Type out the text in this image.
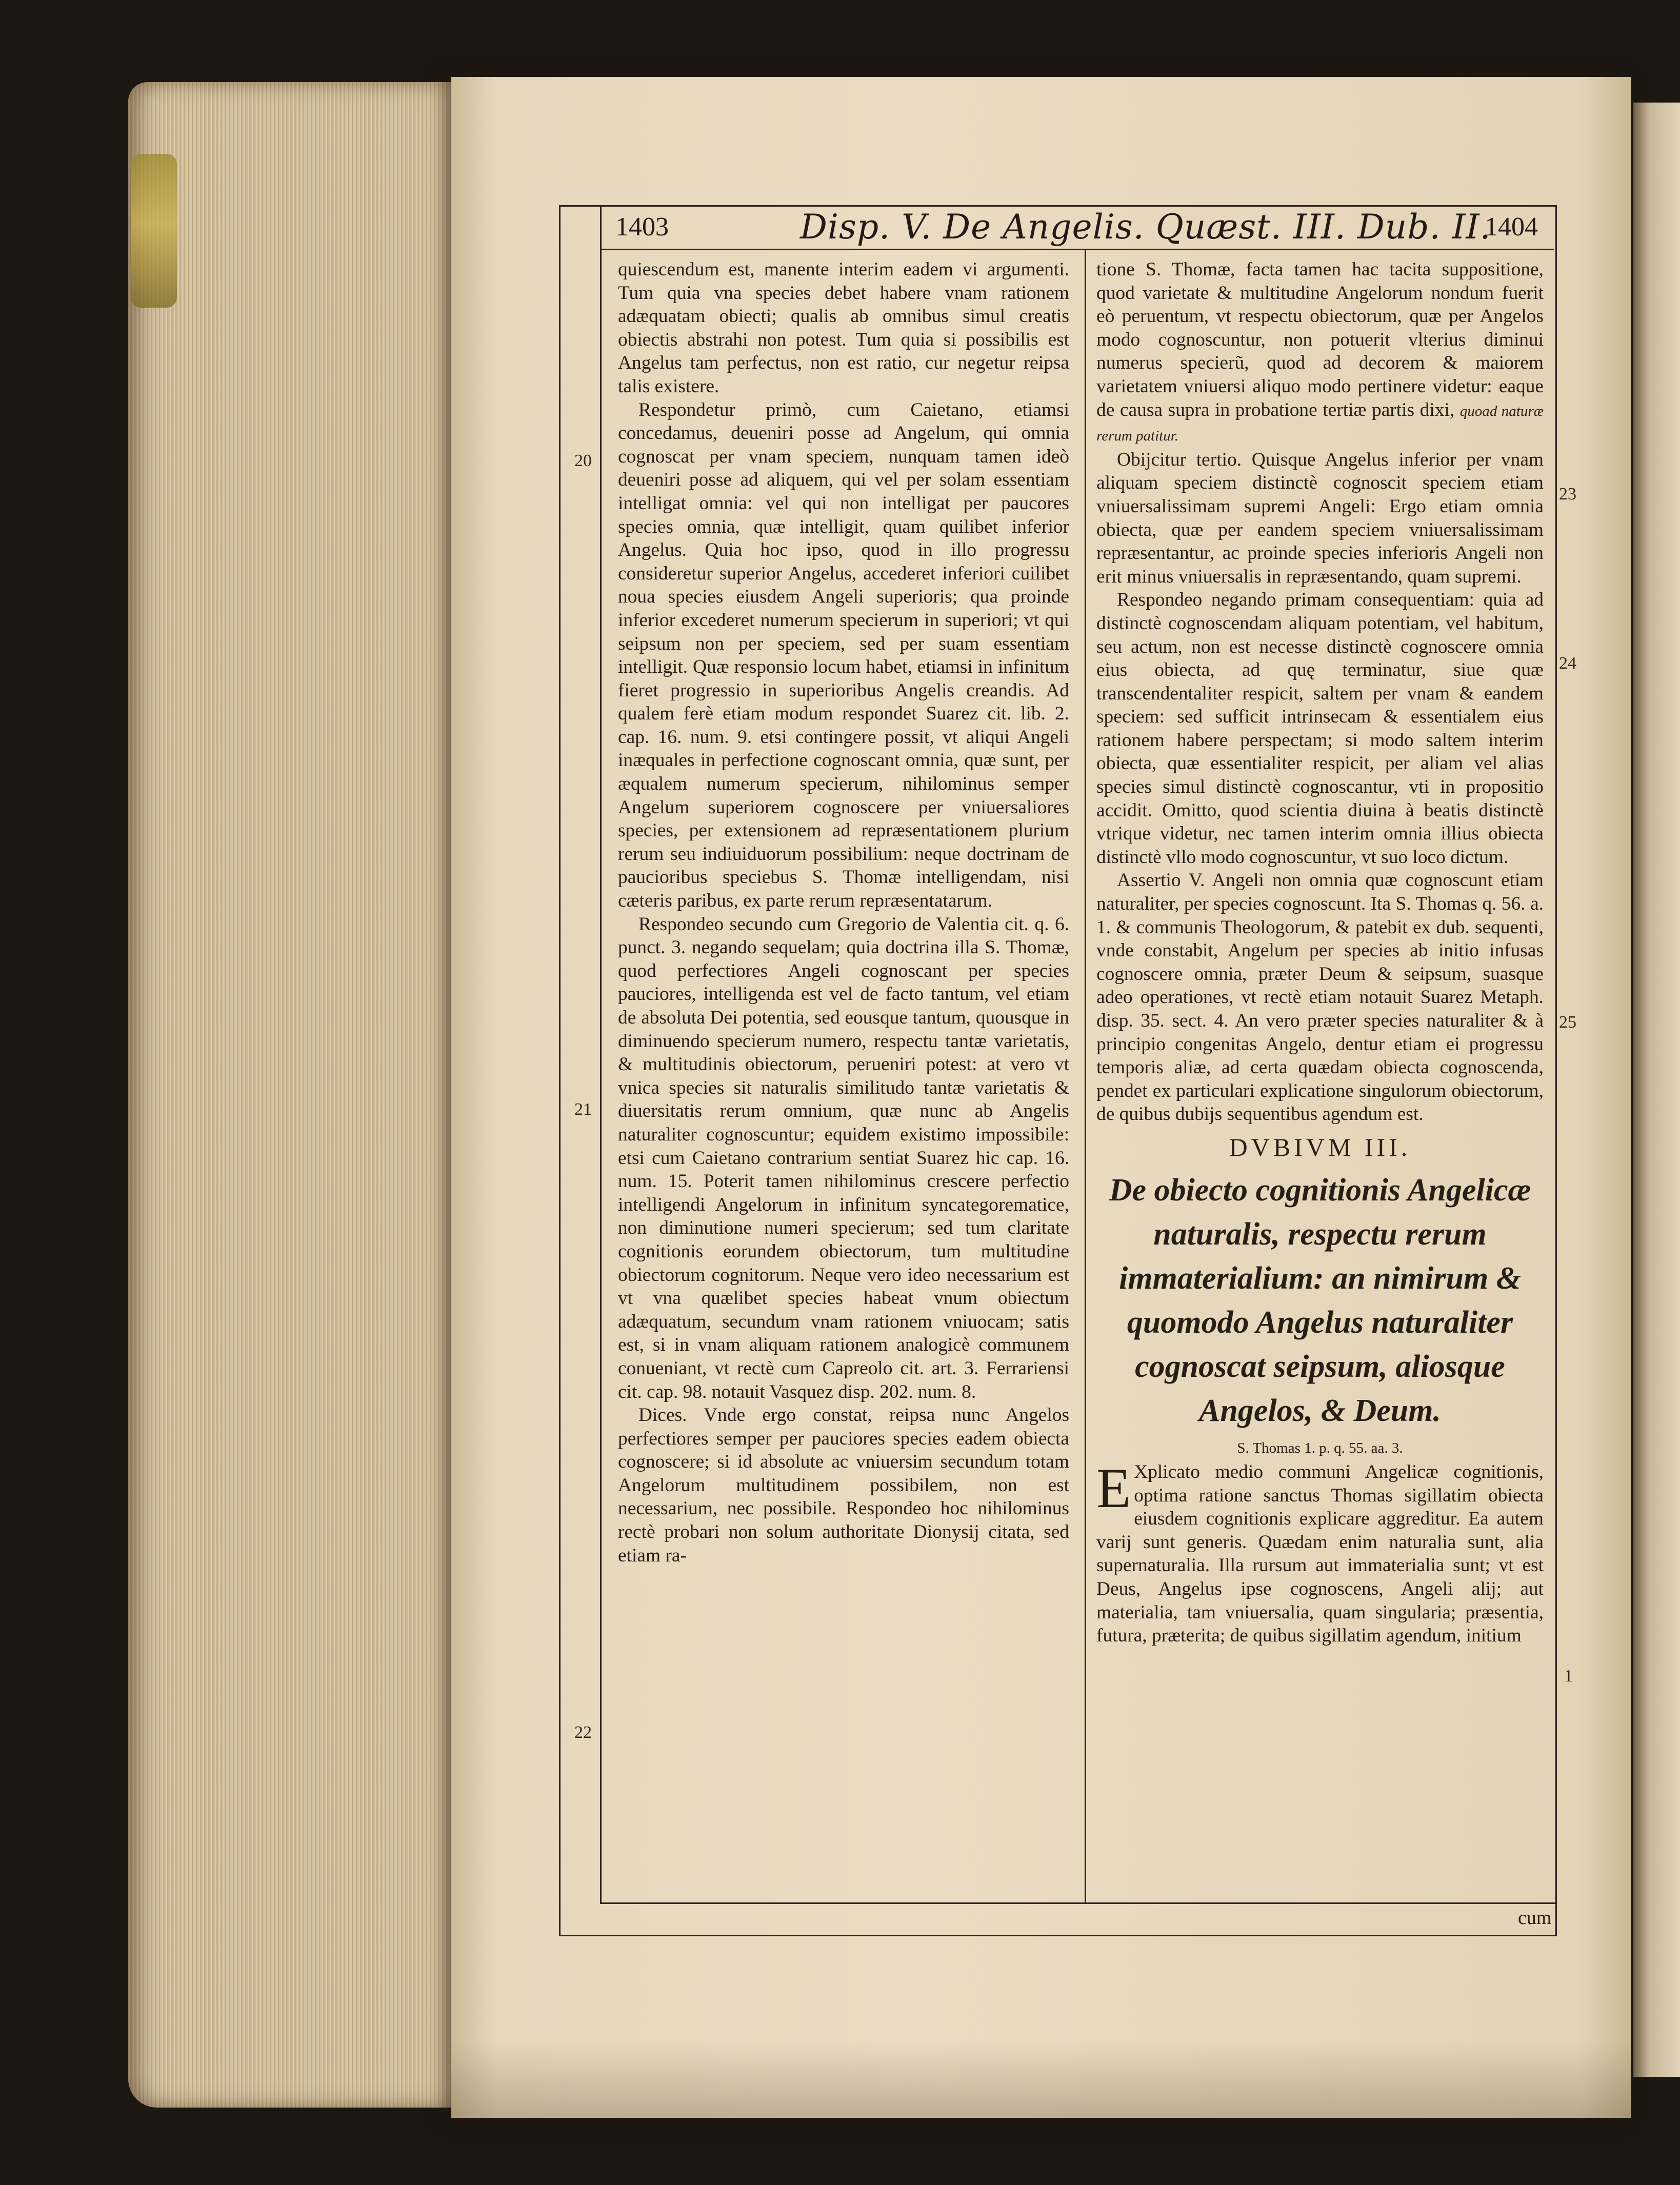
1403	Disp. V. De Angelis. Quæst. III. Dub. II.
1404
20
21
22
23
24
25
1

quiescendum est, manente interim eadem vi argumenti. Tum quia vna species debet habere vnam rationem adæquatam obiecti; qualis ab omnibus simul creatis obiectis abstrahi non potest. Tum quia si possibilis est Angelus tam perfectus, non est ratio, cur negetur reipsa talis existere.

Respondetur primò, cum Caietano, etiamsi concedamus, deueniri posse ad Angelum, qui omnia cognoscat per vnam speciem, nunquam tamen ideò deueniri posse ad aliquem, qui vel per solam essentiam intelligat omnia: vel qui non intelligat per paucores species omnia, quæ intelligit, quam quilibet inferior Angelus. Quia hoc ipso, quod in illo progressu consideretur superior Angelus, accederet inferiori cuilibet noua species eiusdem Angeli superioris; qua proinde inferior excederet numerum specierum in superiori; vt qui seipsum non per speciem, sed per suam essentiam intelligit. Quæ responsio locum habet, etiamsi in infinitum fieret progressio in superioribus Angelis creandis. Ad qualem ferè etiam modum respondet Suarez cit. lib. 2. cap. 16. num. 9. etsi contingere possit, vt aliqui Angeli inæquales in perfectione cognoscant omnia, quæ sunt, per æqualem numerum specierum, nihilominus semper Angelum superiorem cognoscere per vniuersaliores species, per extensionem ad repræsentationem plurium rerum seu indiuiduorum possibilium: neque doctrinam de paucioribus speciebus S. Thomæ intelligendam, nisi cæteris paribus, ex parte rerum repræsentatarum.

Respondeo secundo cum Gregorio de Valentia cit. q. 6. punct. 3. negando sequelam; quia doctrina illa S. Thomæ, quod perfectiores Angeli cognoscant per species pauciores, intelligenda est vel de facto tantum, vel etiam de absoluta Dei potentia, sed eousque tantum, quousque in diminuendo specierum numero, respectu tantæ varietatis, & multitudinis obiectorum, perueniri potest: at vero vt vnica species sit naturalis similitudo tantæ varietatis & diuersitatis rerum omnium, quæ nunc ab Angelis naturaliter cognoscuntur; equidem existimo impossibile: etsi cum Caietano contrarium sentiat Suarez hic cap. 16. num. 15. Poterit tamen nihilominus crescere perfectio intelligendi Angelorum in infinitum syncategorematice, non diminutione numeri specierum; sed tum claritate cognitionis eorundem obiectorum, tum multitudine obiectorum cognitorum. Neque vero ideo necessarium est vt vna quælibet species habeat vnum obiectum adæquatum, secundum vnam rationem vniuocam; satis est, si in vnam aliquam rationem analogicè communem conueniant, vt rectè cum Capreolo cit. art. 3. Ferrariensi cit. cap. 98. notauit Vasquez disp. 202. num. 8.

Dices. Vnde ergo constat, reipsa nunc Angelos perfectiores semper per pauciores species eadem obiecta cognoscere; si id absolute ac vniuersim secundum totam Angelorum multitudinem possibilem, non est necessarium, nec possibile. Respondeo hoc nihilominus rectè probari non solum authoritate Dionysij citata, sed etiam ra-

tione S. Thomæ, facta tamen hac tacita suppositione, quod varietate & multitudine Angelorum nondum fuerit eò peruentum, vt respectu obiectorum, quæ per Angelos modo cognoscuntur, non potuerit vlterius diminui numerus specierũ, quod ad decorem & maiorem varietatem vniuersi aliquo modo pertinere videtur: eaque de causa supra in probatione tertiæ partis dixi, quoad naturæ rerum patitur.

Obijcitur tertio. Quisque Angelus inferior per vnam aliquam speciem distinctè cognoscit speciem etiam vniuersalissimam supremi Angeli: Ergo etiam omnia obiecta, quæ per eandem speciem vniuersalissimam repræsentantur, ac proinde species inferioris Angeli non erit minus vniuersalis in repræsentando, quam supremi.

Respondeo negando primam consequentiam: quia ad distinctè cognoscendam aliquam potentiam, vel habitum, seu actum, non est necesse distinctè cognoscere omnia eius obiecta, ad quę terminatur, siue quæ transcendentaliter respicit, saltem per vnam & eandem speciem: sed sufficit intrinsecam & essentialem eius rationem habere perspectam; si modo saltem interim obiecta, quæ essentialiter respicit, per aliam vel alias species simul distinctè cognoscantur, vti in propositio accidit. Omitto, quod scientia diuina à beatis distinctè vtrique videtur, nec tamen interim omnia illius obiecta distinctè vllo modo cognoscuntur, vt suo loco dictum.

Assertio V. Angeli non omnia quæ cognoscunt etiam naturaliter, per species cognoscunt. Ita S. Thomas q. 56. a. 1. & communis Theologorum, & patebit ex dub. sequenti, vnde constabit, Angelum per species ab initio infusas cognoscere omnia, præter Deum & seipsum, suasque adeo operationes, vt rectè etiam notauit Suarez Metaph. disp. 35. sect. 4. An vero præter species naturaliter & à principio congenitas Angelo, dentur etiam ei progressu temporis aliæ, ad certa quædam obiecta cognoscenda, pendet ex particulari explicatione singulorum obiectorum, de quibus dubijs sequentibus agendum est.

DVBIVM III.
De obiecto cognitionis Angelicæ naturalis, respectu rerum immaterialium: an nimirum & quomodo Angelus naturaliter cognoscat seipsum, aliosque Angelos, & Deum.
S. Thomas 1. p. q. 55. aa. 3.

E Xplicato medio communi Angelicæ cognitionis, optima ratione sanctus Thomas sigillatim obiecta eiusdem cognitionis explicare aggreditur. Ea autem varij sunt generis. Quædam enim naturalia sunt, alia supernaturalia. Illa rursum aut immaterialia sunt; vt est Deus, Angelus ipse cognoscens, Angeli alij; aut materialia, tam vniuersalia, quam singularia; præsentia, futura, præterita; de quibus sigillatim agendum, initium

cum
